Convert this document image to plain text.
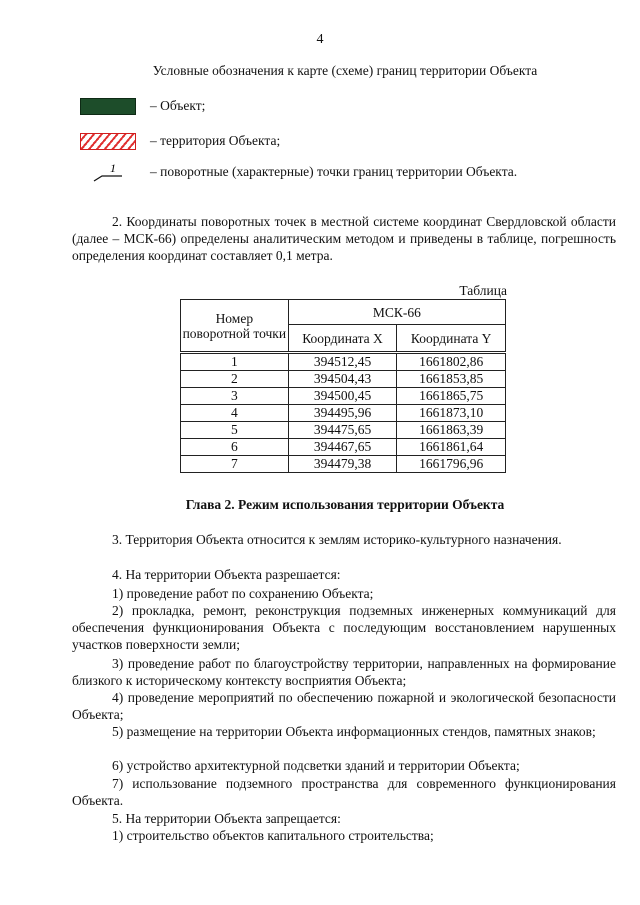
4
Условные обозначения к карте (схеме) границ территории Объекта
– Объект;
– территория Объекта;
1	– поворотные (характерные) точки границ территории Объекта.
2. Координаты поворотных точек в местной системе координат Свердловской области (далее – МСК-66) определены аналитическим методом и приведены в таблице, погрешность определения координат составляет 0,1 метра.
Таблица
Номер поворотной точки	МСК-66	
	Координата X	Координата Y
1	394512,45	1661802,86
2	394504,43	1661853,85
3	394500,45	1661865,75
4	394495,96	1661873,10
5	394475,65	1661863,39
6	394467,65	1661861,64
7	394479,38	1661796,96
Глава 2. Режим использования территории Объекта
3. Территория Объекта относится к землям историко-культурного назначения.
4. На территории Объекта разрешается:
1) проведение работ по сохранению Объекта;
2) прокладка, ремонт, реконструкция подземных инженерных коммуникаций для обеспечения функционирования Объекта с последующим восстановлением нарушенных участков поверхности земли;
3) проведение работ по благоустройству территории, направленных на формирование близкого к историческому контексту восприятия Объекта;
4) проведение мероприятий по обеспечению пожарной и экологической безопасности Объекта;
5) размещение на территории Объекта информационных стендов, памятных знаков;
6) устройство архитектурной подсветки зданий и территории Объекта;
7) использование подземного пространства для современного функционирования Объекта.
5. На территории Объекта запрещается:
1) строительство объектов капитального строительства;
